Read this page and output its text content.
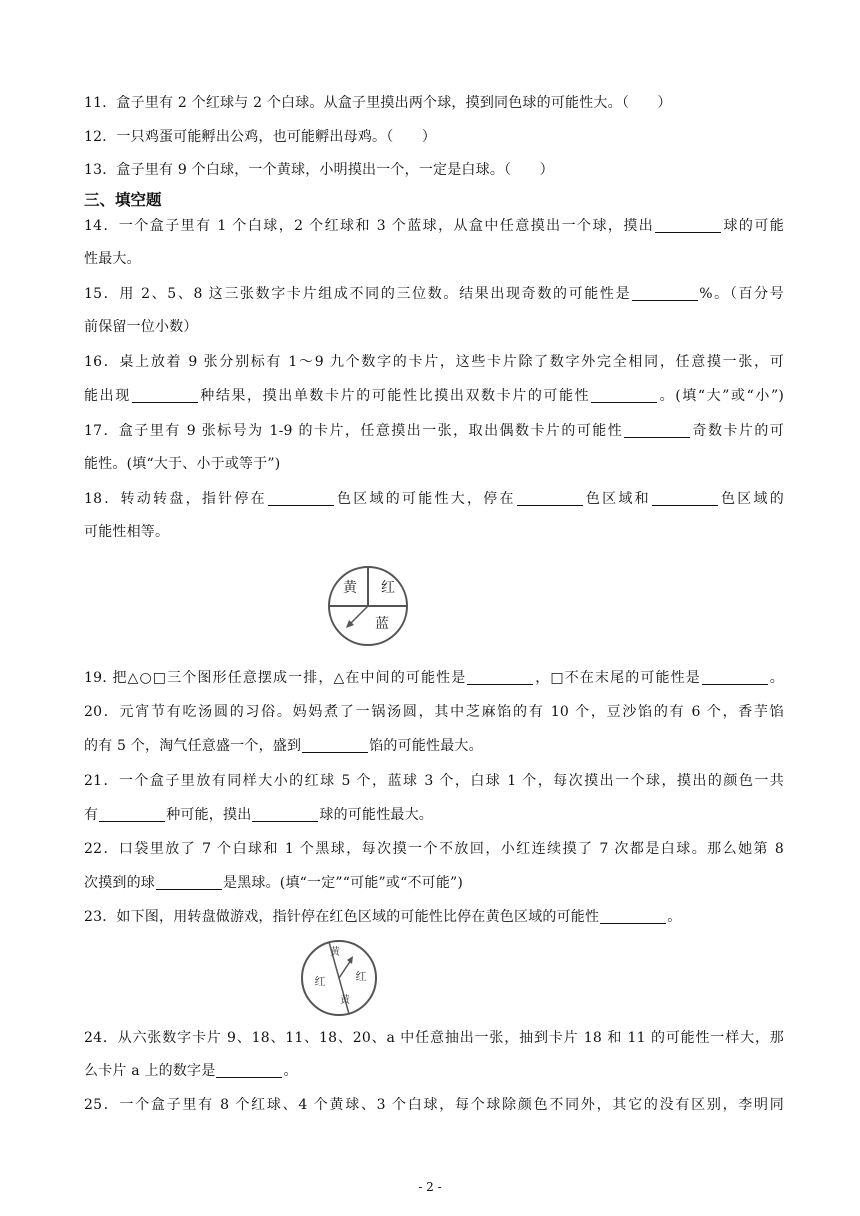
11．盒子里有 2 个红球与 2 个白球。从盒子里摸出两个球，摸到同色球的可能性大。（　　）
12．一只鸡蛋可能孵出公鸡，也可能孵出母鸡。（　　）
13．盒子里有 9 个白球，一个黄球，小明摸出一个，一定是白球。（　　）
三、填空题
14．一个盒子里有 1 个白球，2 个红球和 3 个蓝球，从盒中任意摸出一个球，摸出	球的可能
性最大。
15．用 2、5、8 这三张数字卡片组成不同的三位数。结果出现奇数的可能性是	%。（百分号
前保留一位小数）
16．桌上放着 9 张分别标有 1～9 九个数字的卡片，这些卡片除了数字外完全相同，任意摸一张，可
能出现	种结果，摸出单数卡片的可能性比摸出双数卡片的可能性	。(填“大”或“小”)
17．盒子里有 9 张标号为 1-9 的卡片，任意摸出一张，取出偶数卡片的可能性	奇数卡片的可
能性。(填“大于、小于或等于”)
18．转动转盘，指针停在	色区域的可能性大，停在	色区域和	色区域的
可能性相等。
黄 红
蓝
19. 把△○□三个图形任意摆成一排，△在中间的可能性是	，□不在末尾的可能性是	。
20．元宵节有吃汤圆的习俗。妈妈煮了一锅汤圆，其中芝麻馅的有 10 个，豆沙馅的有 6 个，香芋馅
的有 5 个，淘气任意盛一个，盛到	馅的可能性最大。
21．一个盒子里放有同样大小的红球 5 个，蓝球 3 个，白球 1 个，每次摸出一个球，摸出的颜色一共
有	种可能，摸出	球的可能性最大。
22．口袋里放了 7 个白球和 1 个黑球，每次摸一个不放回，小红连续摸了 7 次都是白球。那么她第 8
次摸到的球	是黑球。(填“一定”“可能”或“不可能”)
23．如下图，用转盘做游戏，指针停在红色区域的可能性比停在黄色区域的可能性	。
黄
红	红
黄
24．从六张数字卡片 9、18、11、18、20、a 中任意抽出一张，抽到卡片 18 和 11 的可能性一样大，那
么卡片 a 上的数字是	。
25．一个盒子里有 8 个红球、4 个黄球、3 个白球，每个球除颜色不同外，其它的没有区别，李明同
- 2 -
